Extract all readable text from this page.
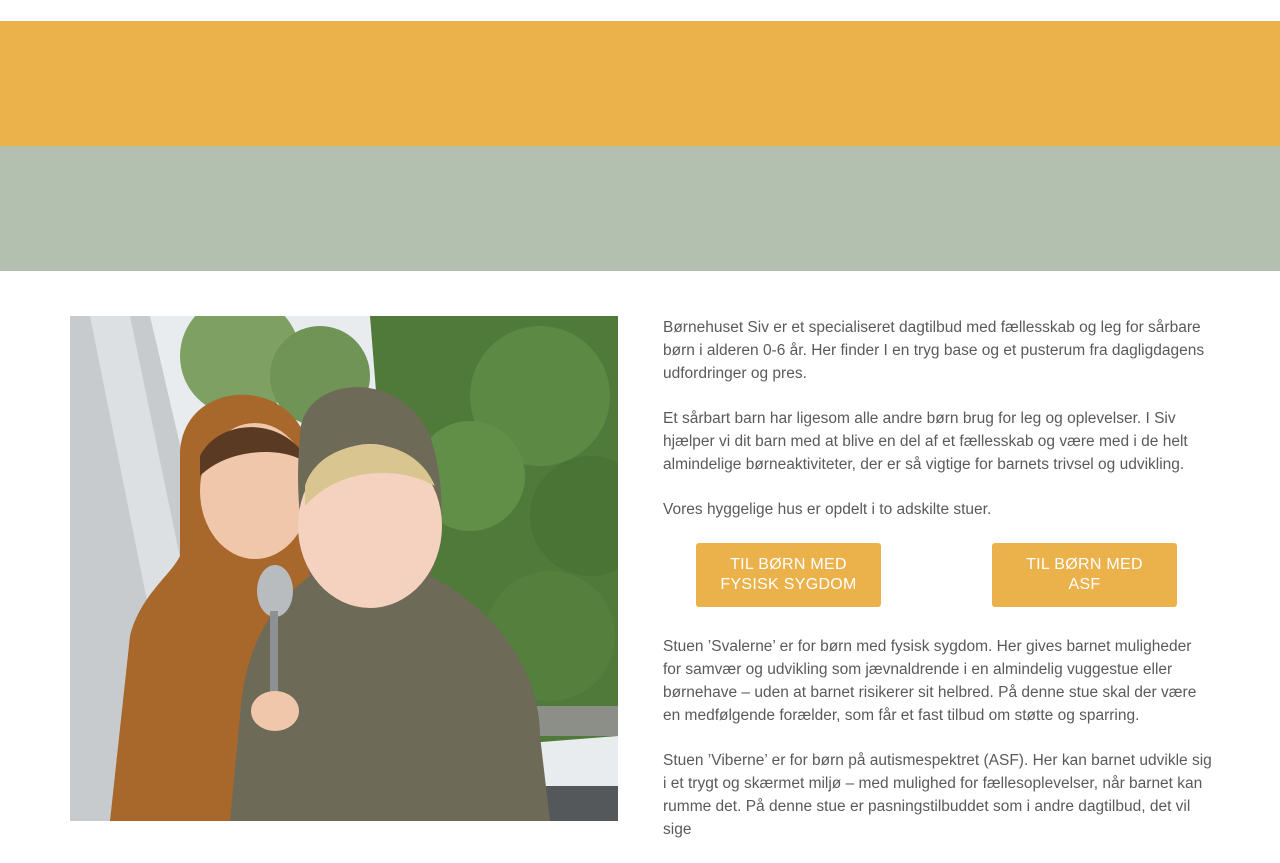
Børnehuset Siv er et specialiseret dagtilbud med fællesskab og leg for sårbare børn i alderen 0-6 år. Her finder I en tryg base og et pusterum fra dagligdagens udfordringer og pres.

Et sårbart barn har ligesom alle andre børn brug for leg og oplevelser. I Siv hjælper vi dit barn med at blive en del af et fællesskab og være med i de helt almindelige børneaktiviteter, der er så vigtige for barnets trivsel og udvikling.

Vores hyggelige hus er opdelt i to adskilte stuer.

TIL BØRN MED
FYSISK SYGDOM
TIL BØRN MED
ASF

Stuen ’Svalerne’ er for børn med fysisk sygdom. Her gives barnet muligheder for samvær og udvikling som jævnaldrende i en almindelig vuggestue eller børnehave – uden at barnet risikerer sit helbred. På denne stue skal der være en medfølgende forælder, som får et fast tilbud om støtte og sparring.

Stuen ’Viberne’ er for børn på autismespektret (ASF). Her kan barnet udvikle sig i et trygt og skærmet miljø – med mulighed for fællesoplevelser, når barnet kan rumme det. På denne stue er pasningstilbuddet som i andre dagtilbud, det vil sige
